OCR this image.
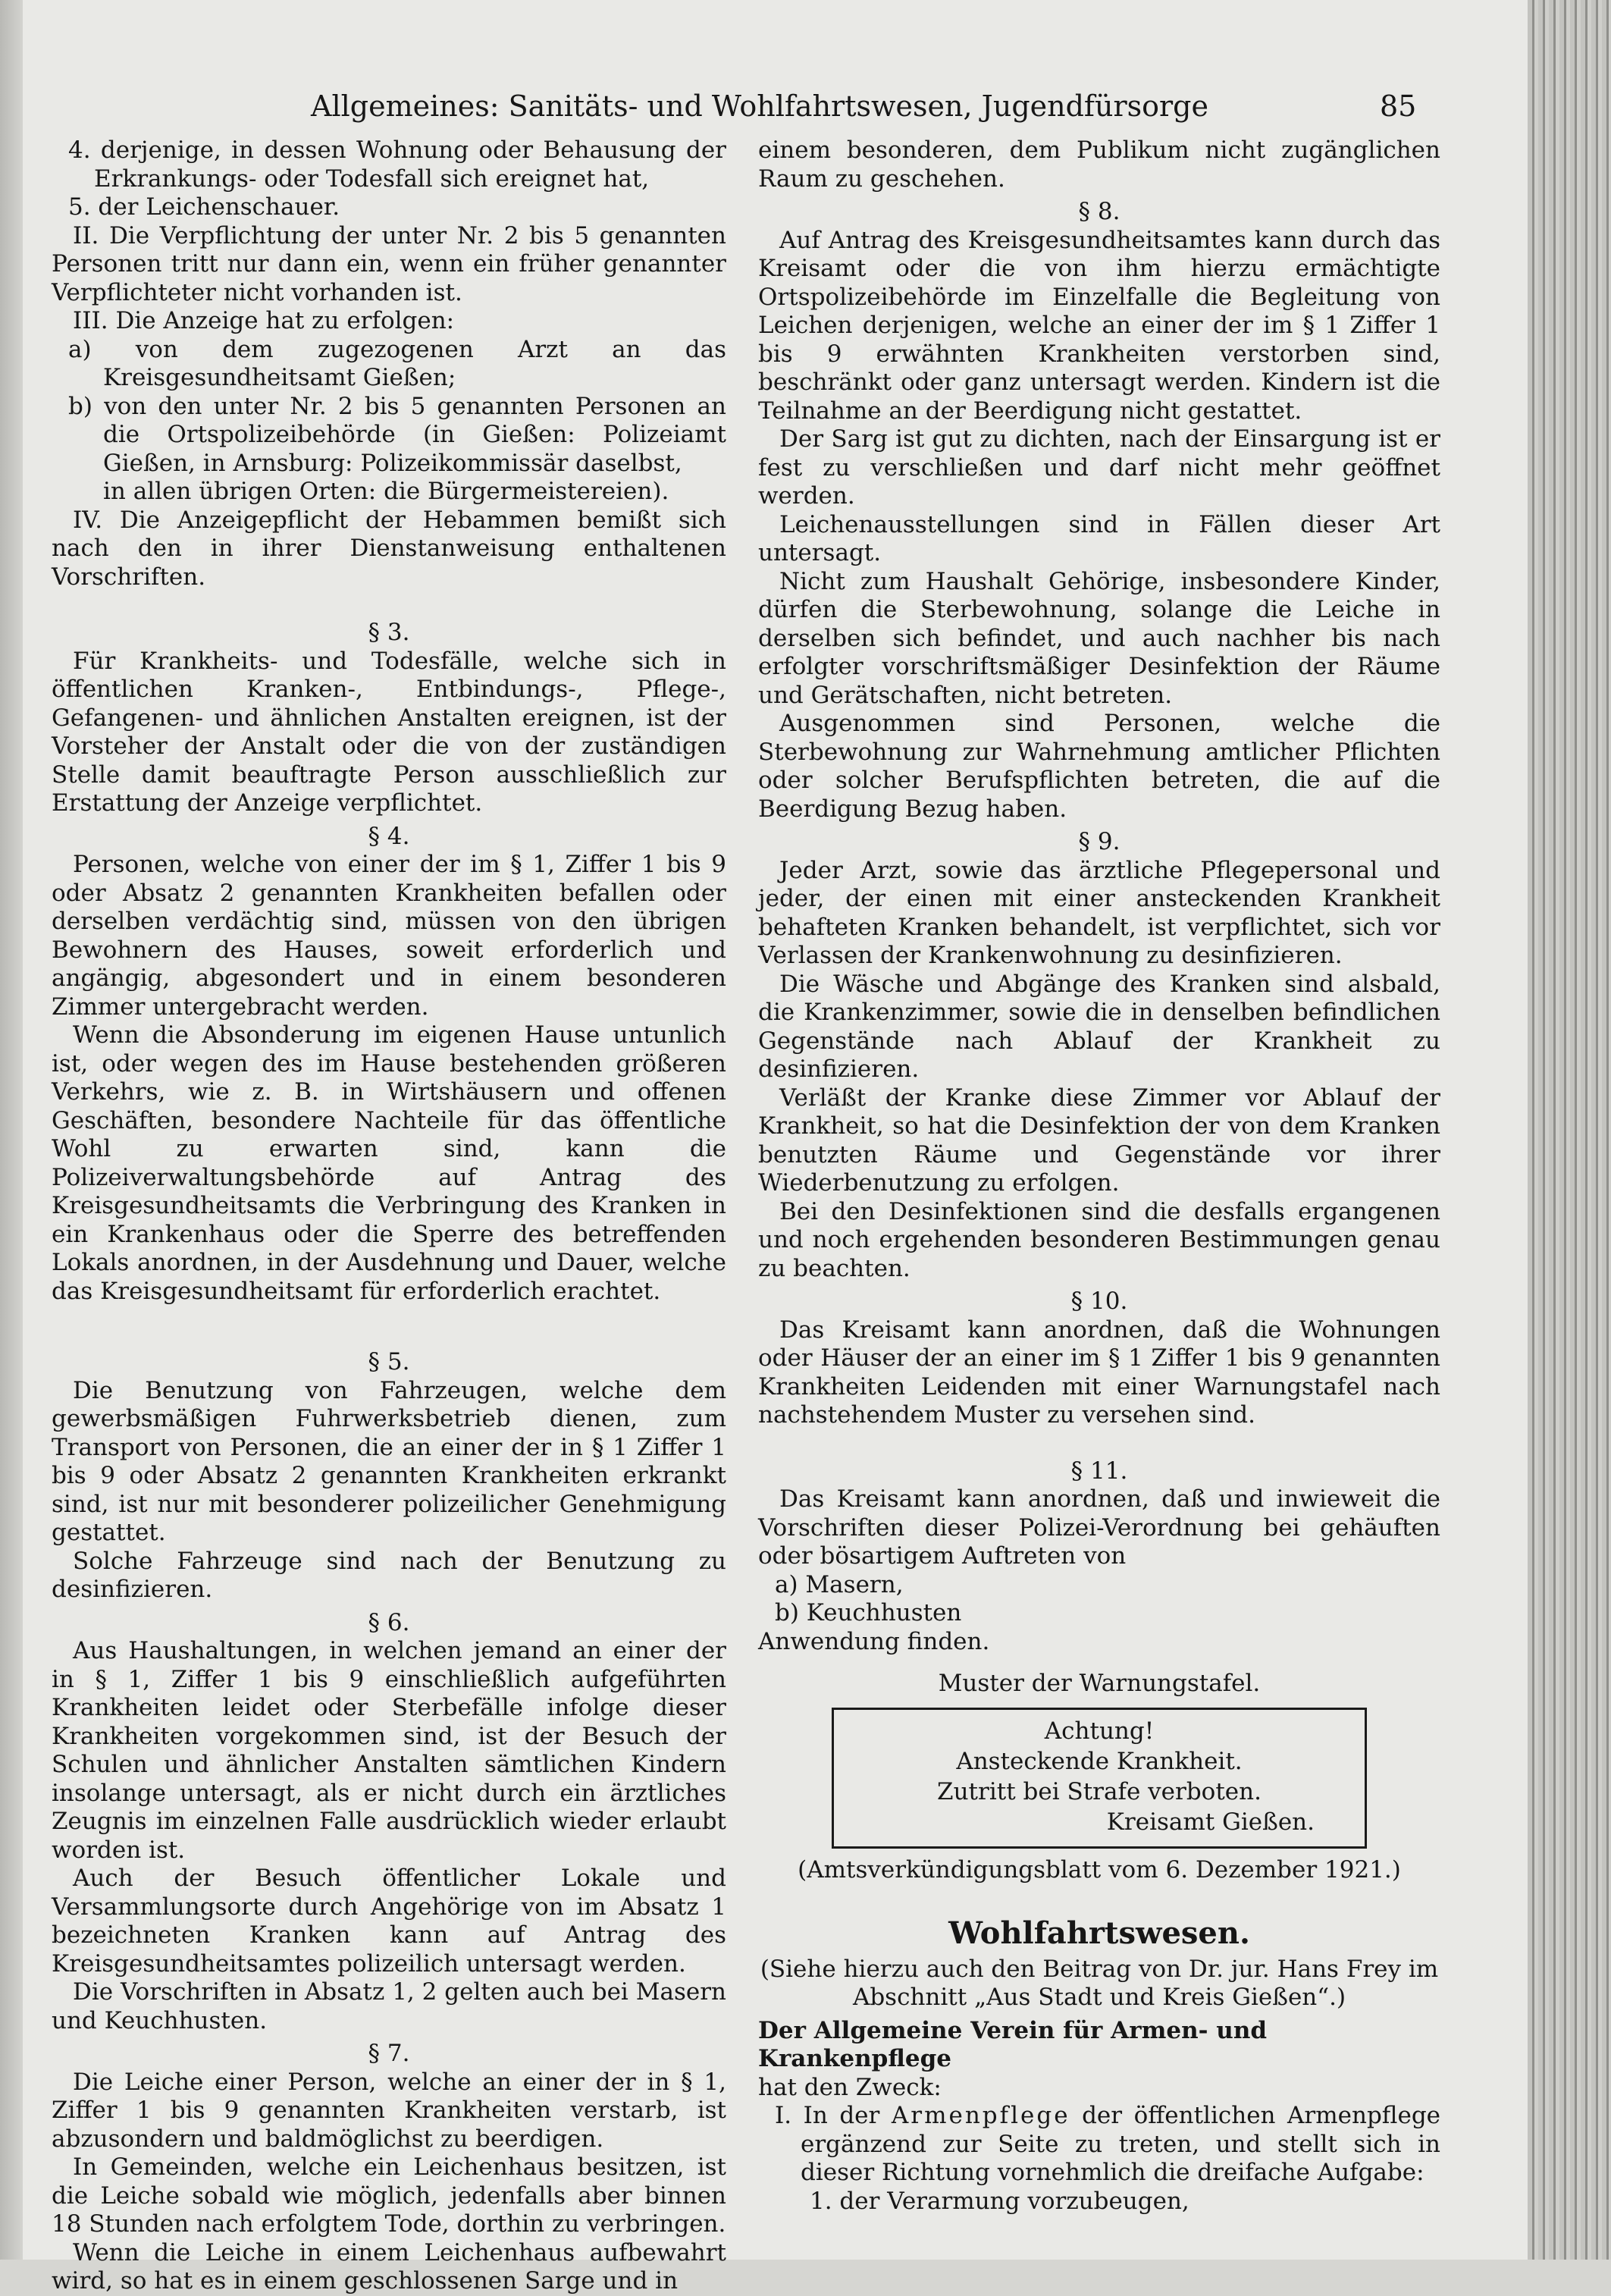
Allgemeines: Sanitäts- und Wohlfahrtswesen, Jugendfürsorge	85

4. derjenige, in dessen Wohnung oder Behausung der Erkrankungs- oder Todesfall sich ereignet hat,

5. der Leichenschauer.

II. Die Verpflichtung der unter Nr. 2 bis 5 genannten Personen tritt nur dann ein, wenn ein früher genannter Verpflichteter nicht vorhanden ist.

III. Die Anzeige hat zu erfolgen:

a) von dem zugezogenen Arzt an das Kreisgesundheitsamt Gießen;

b) von den unter Nr. 2 bis 5 genannten Personen an die Ortspolizeibehörde (in Gießen: Polizeiamt Gießen, in Arnsburg: Polizeikommissär daselbst,

in allen übrigen Orten: die Bürgermeistereien).

IV. Die Anzeigepflicht der Hebammen bemißt sich nach den in ihrer Dienstanweisung enthaltenen Vorschriften.

§ 3.

Für Krankheits- und Todesfälle, welche sich in öffentlichen Kranken-, Entbindungs-, Pflege-, Gefangenen- und ähnlichen Anstalten ereignen, ist der Vorsteher der Anstalt oder die von der zuständigen Stelle damit beauftragte Person ausschließlich zur Erstattung der Anzeige verpflichtet.

§ 4.

Personen, welche von einer der im § 1, Ziffer 1 bis 9 oder Absatz 2 genannten Krankheiten befallen oder derselben verdächtig sind, müssen von den übrigen Bewohnern des Hauses, soweit erforderlich und angängig, abgesondert und in einem besonderen Zimmer untergebracht werden.

Wenn die Absonderung im eigenen Hause untunlich ist, oder wegen des im Hause bestehenden größeren Verkehrs, wie z. B. in Wirtshäusern und offenen Geschäften, besondere Nachteile für das öffentliche Wohl zu erwarten sind, kann die Polizeiverwaltungsbehörde auf Antrag des Kreisgesundheitsamts die Verbringung des Kranken in ein Krankenhaus oder die Sperre des betreffenden Lokals anordnen, in der Ausdehnung und Dauer, welche das Kreisgesundheitsamt für erforderlich erachtet.

§ 5.

Die Benutzung von Fahrzeugen, welche dem gewerbsmäßigen Fuhrwerksbetrieb dienen, zum Transport von Personen, die an einer der in § 1 Ziffer 1 bis 9 oder Absatz 2 genannten Krankheiten erkrankt sind, ist nur mit besonderer polizeilicher Genehmigung gestattet.

Solche Fahrzeuge sind nach der Benutzung zu desinfizieren.

§ 6.

Aus Haushaltungen, in welchen jemand an einer der in § 1, Ziffer 1 bis 9 einschließlich aufgeführten Krankheiten leidet oder Sterbefälle infolge dieser Krankheiten vorgekommen sind, ist der Besuch der Schulen und ähnlicher Anstalten sämtlichen Kindern insolange untersagt, als er nicht durch ein ärztliches Zeugnis im einzelnen Falle ausdrücklich wieder erlaubt worden ist.

Auch der Besuch öffentlicher Lokale und Versammlungsorte durch Angehörige von im Absatz 1 bezeichneten Kranken kann auf Antrag des Kreisgesundheitsamtes polizeilich untersagt werden.

Die Vorschriften in Absatz 1, 2 gelten auch bei Masern und Keuchhusten.

§ 7.

Die Leiche einer Person, welche an einer der in § 1, Ziffer 1 bis 9 genannten Krankheiten verstarb, ist abzusondern und baldmöglichst zu beerdigen.

In Gemeinden, welche ein Leichenhaus besitzen, ist die Leiche sobald wie möglich, jedenfalls aber binnen 18 Stunden nach erfolgtem Tode, dorthin zu verbringen.

Wenn die Leiche in einem Leichenhaus aufbewahrt wird, so hat es in einem geschlossenen Sarge und in

einem besonderen, dem Publikum nicht zugänglichen Raum zu geschehen.

§ 8.

Auf Antrag des Kreisgesundheitsamtes kann durch das Kreisamt oder die von ihm hierzu ermächtigte Ortspolizeibehörde im Einzelfalle die Begleitung von Leichen derjenigen, welche an einer der im § 1 Ziffer 1 bis 9 erwähnten Krankheiten verstorben sind, beschränkt oder ganz untersagt werden. Kindern ist die Teilnahme an der Beerdigung nicht gestattet.

Der Sarg ist gut zu dichten, nach der Einsargung ist er fest zu verschließen und darf nicht mehr geöffnet werden.

Leichenausstellungen sind in Fällen dieser Art untersagt.

Nicht zum Haushalt Gehörige, insbesondere Kinder, dürfen die Sterbewohnung, solange die Leiche in derselben sich befindet, und auch nachher bis nach erfolgter vorschriftsmäßiger Desinfektion der Räume und Gerätschaften, nicht betreten.

Ausgenommen sind Personen, welche die Sterbewohnung zur Wahrnehmung amtlicher Pflichten oder solcher Berufspflichten betreten, die auf die Beerdigung Bezug haben.

§ 9.

Jeder Arzt, sowie das ärztliche Pflegepersonal und jeder, der einen mit einer ansteckenden Krankheit behafteten Kranken behandelt, ist verpflichtet, sich vor Verlassen der Krankenwohnung zu desinfizieren.

Die Wäsche und Abgänge des Kranken sind alsbald, die Krankenzimmer, sowie die in denselben befindlichen Gegenstände nach Ablauf der Krankheit zu desinfizieren.

Verläßt der Kranke diese Zimmer vor Ablauf der Krankheit, so hat die Desinfektion der von dem Kranken benutzten Räume und Gegenstände vor ihrer Wiederbenutzung zu erfolgen.

Bei den Desinfektionen sind die desfalls ergangenen und noch ergehenden besonderen Bestimmungen genau zu beachten.

§ 10.

Das Kreisamt kann anordnen, daß die Wohnungen oder Häuser der an einer im § 1 Ziffer 1 bis 9 genannten Krankheiten Leidenden mit einer Warnungstafel nach nachstehendem Muster zu versehen sind.

§ 11.

Das Kreisamt kann anordnen, daß und inwieweit die Vorschriften dieser Polizei-Verordnung bei gehäuften oder bösartigem Auftreten von

a) Masern,

b) Keuchhusten

Anwendung finden.

Muster der Warnungstafel.

Achtung!
Ansteckende Krankheit.
Zutritt bei Strafe verboten.
Kreisamt Gießen.

(Amtsverkündigungsblatt vom 6. Dezember 1921.)

Wohlfahrtswesen.

(Siehe hierzu auch den Beitrag von Dr. jur. Hans Frey im Abschnitt „Aus Stadt und Kreis Gießen“.)

Der Allgemeine Verein für Armen- und Krankenpflege

hat den Zweck:

I. In der Armenpflege der öffentlichen Armenpflege ergänzend zur Seite zu treten, und stellt sich in dieser Richtung vornehmlich die dreifache Aufgabe:

1. der Verarmung vorzubeugen,
